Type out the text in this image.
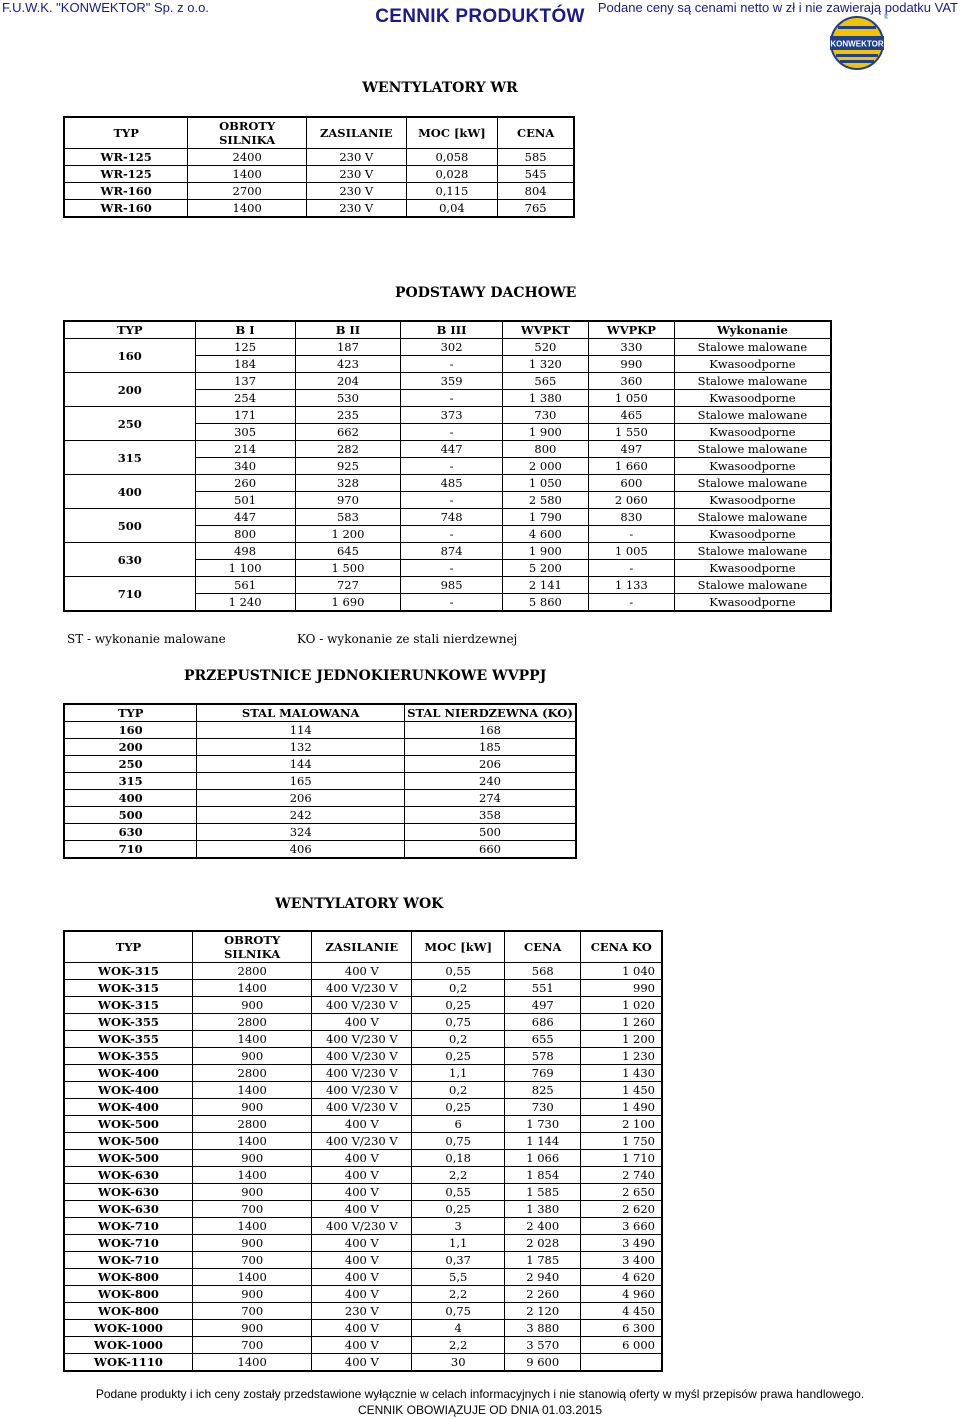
F.U.W.K. "KONWEKTOR" Sp. z o.o.	CENNIK PRODUKTÓW	Podane ceny są cenami netto w zł i nie zawierają podatku VAT
KONWEKTOR
®
WENTYLATORY WR
TYP	OBROTY SILNIKA	ZASILANIE	MOC [kW]	CENA
WR-125	2400	230 V	0,058	585
WR-125	1400	230 V	0,028	545
WR-160	2700	230 V	0,115	804
WR-160	1400	230 V	0,04	765
PODSTAWY DACHOWE
TYP	B I	B II	B III	WVPKT	WVPKP	Wykonanie
160	125	187	302	520	330	Stalowe malowane
	184	423	-	1 320	990	Kwasoodporne
200	137	204	359	565	360	Stalowe malowane
	254	530	-	1 380	1 050	Kwasoodporne
250	171	235	373	730	465	Stalowe malowane
	305	662	-	1 900	1 550	Kwasoodporne
315	214	282	447	800	497	Stalowe malowane
	340	925	-	2 000	1 660	Kwasoodporne
400	260	328	485	1 050	600	Stalowe malowane
	501	970	-	2 580	2 060	Kwasoodporne
500	447	583	748	1 790	830	Stalowe malowane
	800	1 200	-	4 600	-	Kwasoodporne
630	498	645	874	1 900	1 005	Stalowe malowane
	1 100	1 500	-	5 200	-	Kwasoodporne
710	561	727	985	2 141	1 133	Stalowe malowane
	1 240	1 690	-	5 860	-	Kwasoodporne
ST - wykonanie malowane	KO - wykonanie ze stali nierdzewnej
PRZEPUSTNICE JEDNOKIERUNKOWE WVPPJ
TYP	STAL MALOWANA	STAL NIERDZEWNA (KO)
160	114	168
200	132	185
250	144	206
315	165	240
400	206	274
500	242	358
630	324	500
710	406	660
WENTYLATORY WOK
TYP	OBROTY SILNIKA	ZASILANIE	MOC [kW]	CENA	CENA KO
WOK-315	2800	400 V	0,55	568	1 040
WOK-315	1400	400 V/230 V	0,2	551	990
WOK-315	900	400 V/230 V	0,25	497	1 020
WOK-355	2800	400 V	0,75	686	1 260
WOK-355	1400	400 V/230 V	0,2	655	1 200
WOK-355	900	400 V/230 V	0,25	578	1 230
WOK-400	2800	400 V/230 V	1,1	769	1 430
WOK-400	1400	400 V/230 V	0,2	825	1 450
WOK-400	900	400 V/230 V	0,25	730	1 490
WOK-500	2800	400 V	6	1 730	2 100
WOK-500	1400	400 V/230 V	0,75	1 144	1 750
WOK-500	900	400 V	0,18	1 066	1 710
WOK-630	1400	400 V	2,2	1 854	2 740
WOK-630	900	400 V	0,55	1 585	2 650
WOK-630	700	400 V	0,25	1 380	2 620
WOK-710	1400	400 V/230 V	3	2 400	3 660
WOK-710	900	400 V	1,1	2 028	3 490
WOK-710	700	400 V	0,37	1 785	3 400
WOK-800	1400	400 V	5,5	2 940	4 620
WOK-800	900	400 V	2,2	2 260	4 960
WOK-800	700	230 V	0,75	2 120	4 450
WOK-1000	900	400 V	4	3 880	6 300
WOK-1000	700	400 V	2,2	3 570	6 000
WOK-1110	1400	400 V	30	9 600	
Podane produkty i ich ceny zostały przedstawione wyłącznie w celach informacyjnych i nie stanowią oferty w myśl przepisów prawa handlowego.
CENNIK OBOWIĄZUJE OD DNIA 01.03.2015
